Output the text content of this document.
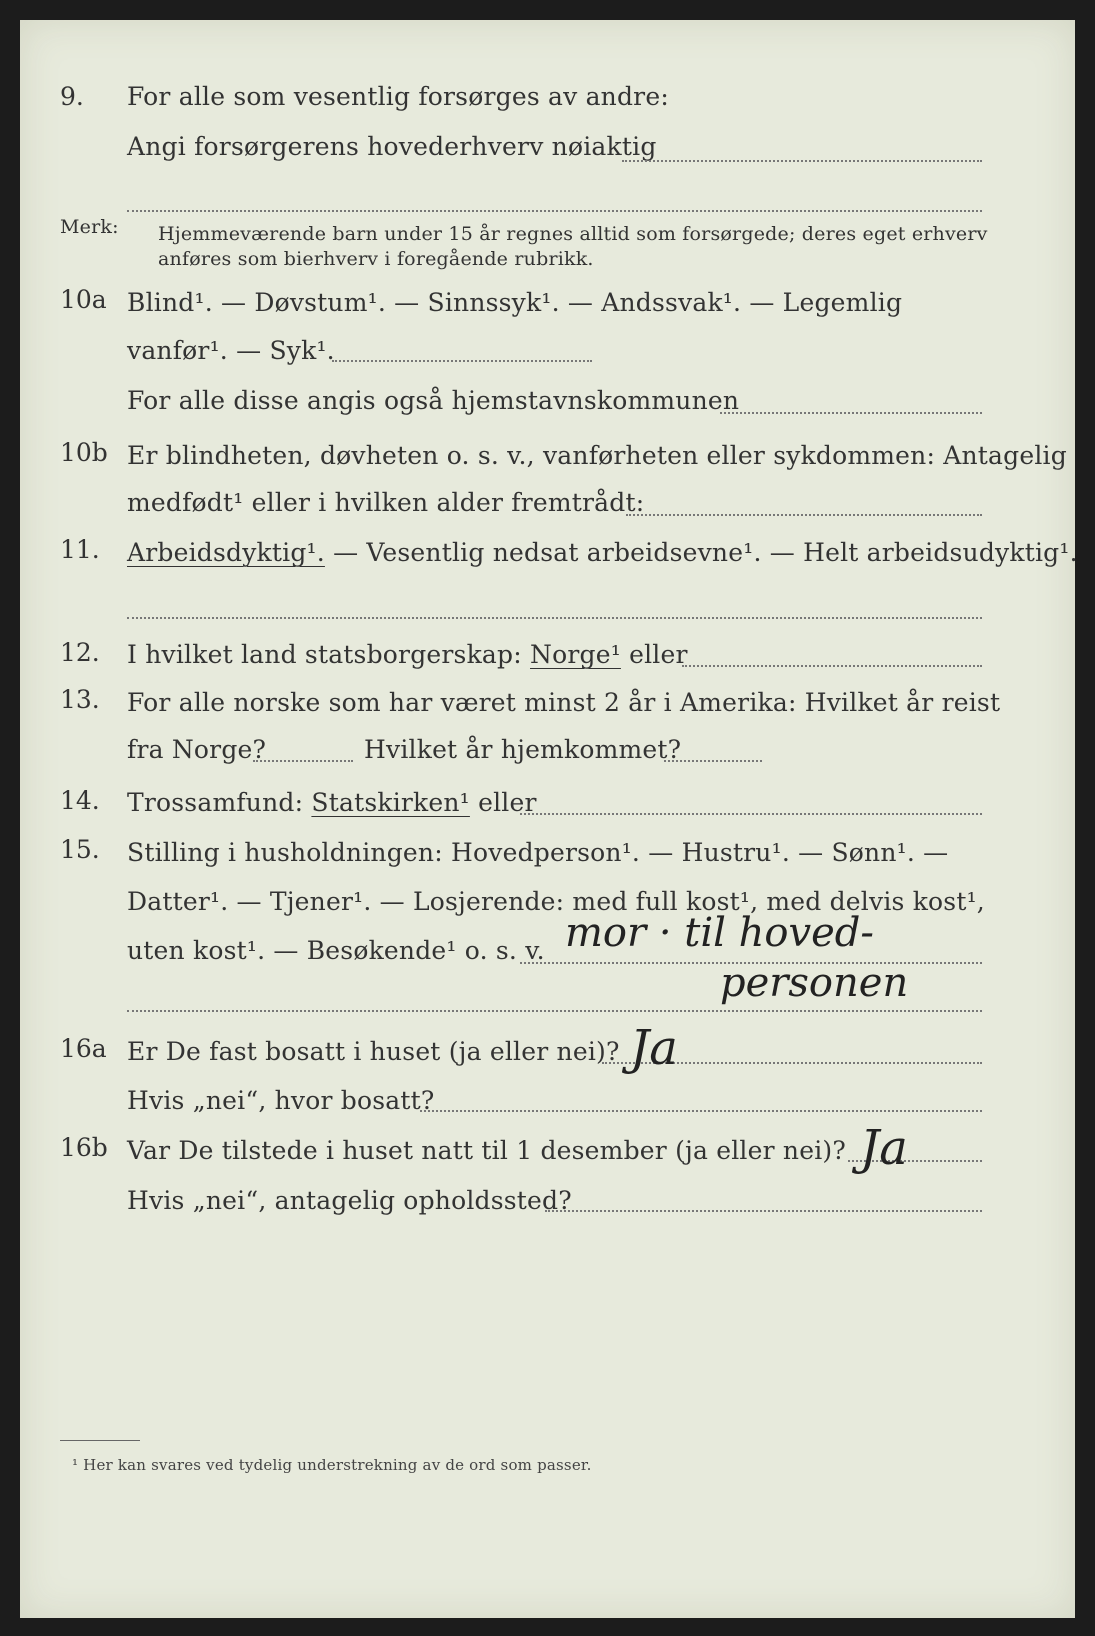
9. For alle som vesentlig forsørges av andre:
Angi forsørgerens hovederhverv nøiaktig
Merk: Hjemmeværende barn under 15 år regnes alltid som forsørgede; deres eget erhverv
anføres som bierhverv i foregående rubrikk.
10a Blind¹. — Døvstum¹. — Sinnssyk¹. — Andssvak¹. — Legemlig
vanfør¹. — Syk¹.
For alle disse angis også hjemstavnskommunen
10b Er blindheten, døvheten o. s. v., vanførheten eller sykdommen: Antagelig
medfødt¹ eller i hvilken alder fremtrådt:
11. Arbeidsdyktig¹. — Vesentlig nedsat arbeidsevne¹. — Helt arbeidsudyktig¹.
12. I hvilket land statsborgerskap: Norge¹ eller
13. For alle norske som har været minst 2 år i Amerika: Hvilket år reist
fra Norge?	Hvilket år hjemkommet?
14. Trossamfund: Statskirken¹ eller
15. Stilling i husholdningen: Hovedperson¹. — Hustru¹. — Sønn¹. —
Datter¹. — Tjener¹. — Losjerende: med full kost¹, med delvis kost¹,
uten kost¹. — Besøkende¹ o. s. v. mor · til hoved-
personen
16a Er De fast bosatt i huset (ja eller nei)? Ja
Hvis „nei“, hvor bosatt?
16b Var De tilstede i huset natt til 1 desember (ja eller nei)? Ja
Hvis „nei“, antagelig opholdssted?
¹ Her kan svares ved tydelig understrekning av de ord som passer.
